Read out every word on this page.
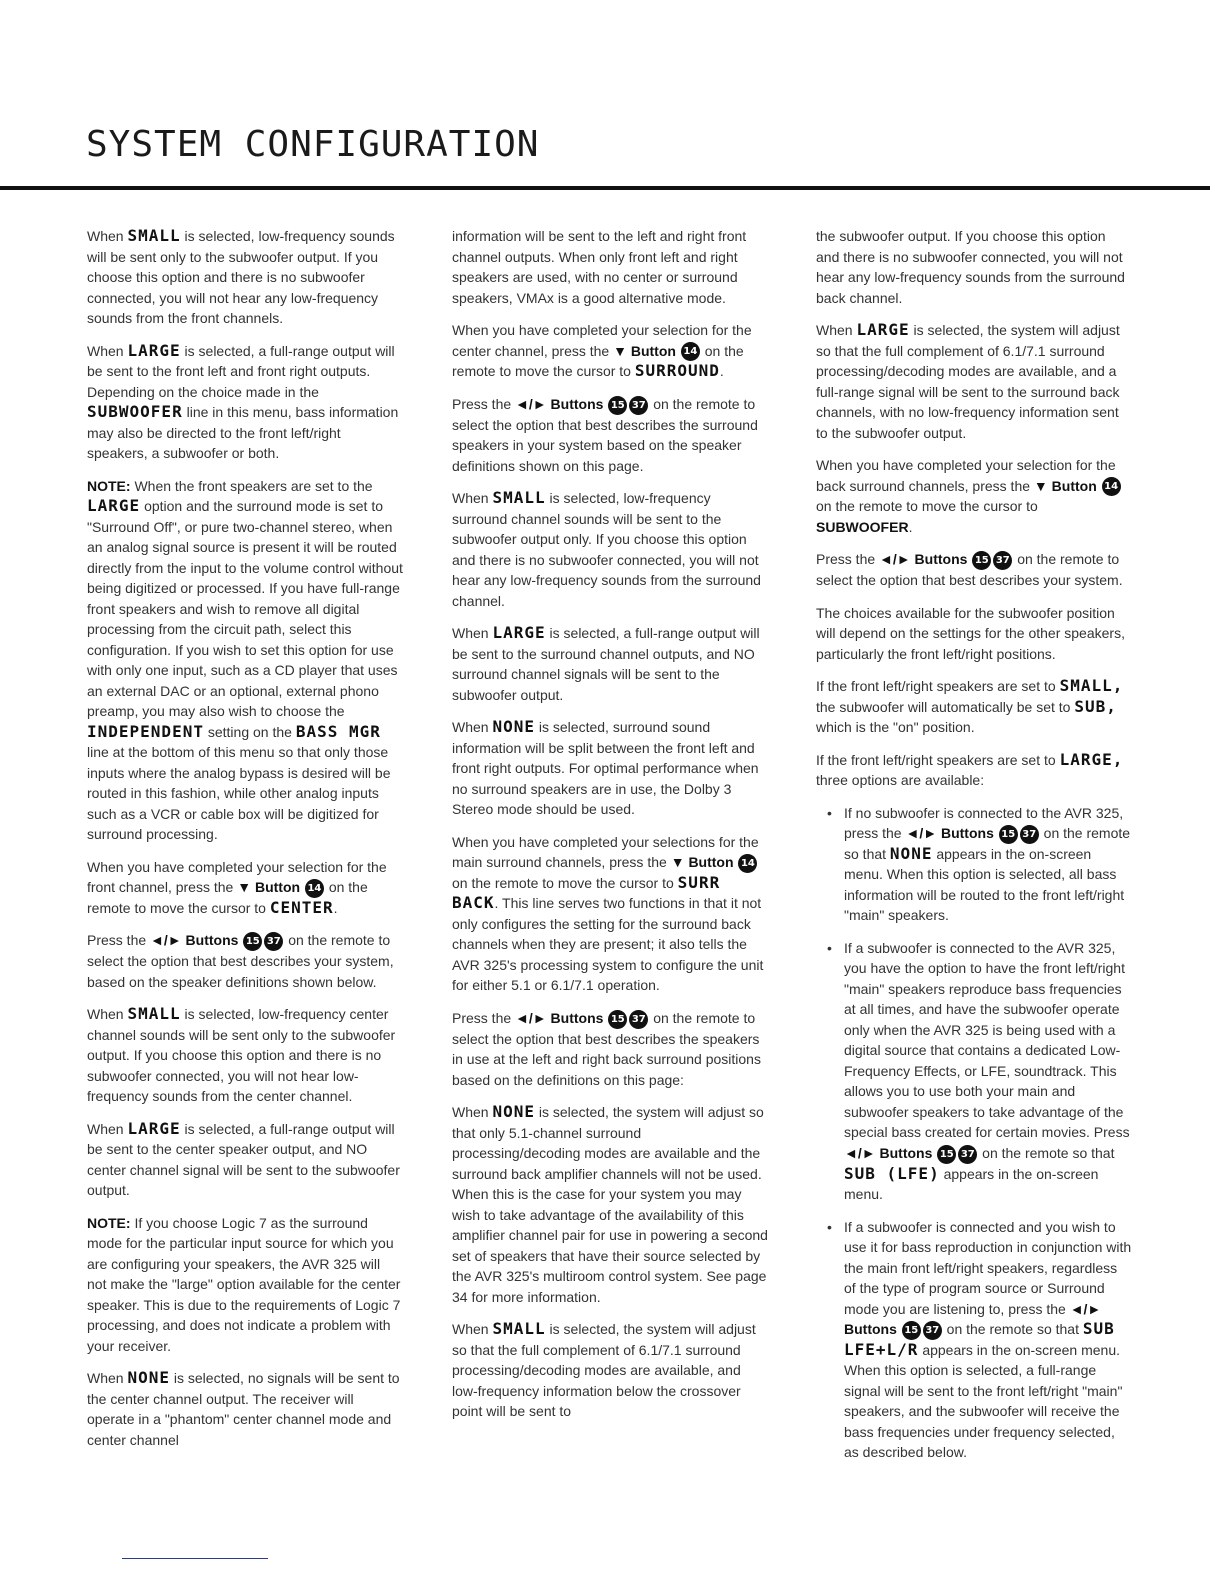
SYSTEM CONFIGURATION

When SMALL is selected, low-frequency sounds will be sent only to the subwoofer output. If you choose this option and there is no subwoofer connected, you will not hear any low-frequency sounds from the front channels.

When LARGE is selected, a full-range output will be sent to the front left and front right outputs. Depending on the choice made in the SUBWOOFER line in this menu, bass information may also be directed to the front left/right speakers, a subwoofer or both.

NOTE: When the front speakers are set to the LARGE option and the surround mode is set to "Surround Off", or pure two-channel stereo, when an analog signal source is present it will be routed directly from the input to the volume control without being digitized or processed. If you have full-range front speakers and wish to remove all digital processing from the circuit path, select this configuration. If you wish to set this option for use with only one input, such as a CD player that uses an external DAC or an optional, external phono preamp, you may also wish to choose the INDEPENDENT setting on the BASS MGR line at the bottom of this menu so that only those inputs where the analog bypass is desired will be routed in this fashion, while other analog inputs such as a VCR or cable box will be digitized for surround processing.

When you have completed your selection for the front channel, press the ▼ Button 14 on the remote to move the cursor to CENTER.

Press the ◄/► Buttons 15 37 on the remote to select the option that best describes your system, based on the speaker definitions shown below.

When SMALL is selected, low-frequency center channel sounds will be sent only to the subwoofer output. If you choose this option and there is no subwoofer connected, you will not hear low-frequency sounds from the center channel.

When LARGE is selected, a full-range output will be sent to the center speaker output, and NO center channel signal will be sent to the subwoofer output.

NOTE: If you choose Logic 7 as the surround mode for the particular input source for which you are configuring your speakers, the AVR 325 will not make the "large" option available for the center speaker. This is due to the requirements of Logic 7 processing, and does not indicate a problem with your receiver.

When NONE is selected, no signals will be sent to the center channel output. The receiver will operate in a "phantom" center channel mode and center channel

information will be sent to the left and right front channel outputs. When only front left and right speakers are used, with no center or surround speakers, VMAx is a good alternative mode.

When you have completed your selection for the center channel, press the ▼ Button 14 on the remote to move the cursor to SURROUND.

Press the ◄/► Buttons 15 37 on the remote to select the option that best describes the surround speakers in your system based on the speaker definitions shown on this page.

When SMALL is selected, low-frequency surround channel sounds will be sent to the subwoofer output only. If you choose this option and there is no subwoofer connected, you will not hear any low-frequency sounds from the surround channel.

When LARGE is selected, a full-range output will be sent to the surround channel outputs, and NO surround channel signals will be sent to the subwoofer output.

When NONE is selected, surround sound information will be split between the front left and front right outputs. For optimal performance when no surround speakers are in use, the Dolby 3 Stereo mode should be used.

When you have completed your selections for the main surround channels, press the ▼ Button 14 on the remote to move the cursor to SURR BACK. This line serves two functions in that it not only configures the setting for the surround back channels when they are present; it also tells the AVR 325's processing system to configure the unit for either 5.1 or 6.1/7.1 operation.

Press the ◄/► Buttons 15 37 on the remote to select the option that best describes the speakers in use at the left and right back surround positions based on the definitions on this page:

When NONE is selected, the system will adjust so that only 5.1-channel surround processing/decoding modes are available and the surround back amplifier channels will not be used. When this is the case for your system you may wish to take advantage of the availability of this amplifier channel pair for use in powering a second set of speakers that have their source selected by the AVR 325's multiroom control system. See page 34 for more information.

When SMALL is selected, the system will adjust so that the full complement of 6.1/7.1 surround processing/decoding modes are available, and low-frequency information below the crossover point will be sent to

the subwoofer output. If you choose this option and there is no subwoofer connected, you will not hear any low-frequency sounds from the surround back channel.

When LARGE is selected, the system will adjust so that the full complement of 6.1/7.1 surround processing/decoding modes are available, and a full-range signal will be sent to the surround back channels, with no low-frequency information sent to the subwoofer output.

When you have completed your selection for the back surround channels, press the ▼ Button 14 on the remote to move the cursor to SUBWOOFER.

Press the ◄/► Buttons 15 37 on the remote to select the option that best describes your system.

The choices available for the subwoofer position will depend on the settings for the other speakers, particularly the front left/right positions.

If the front left/right speakers are set to SMALL, the subwoofer will automatically be set to SUB, which is the "on" position.

If the front left/right speakers are set to LARGE, three options are available:

• If no subwoofer is connected to the AVR 325, press the ◄/► Buttons 15 37 on the remote so that NONE appears in the on-screen menu. When this option is selected, all bass information will be routed to the front left/right "main" speakers.
• If a subwoofer is connected to the AVR 325, you have the option to have the front left/right "main" speakers reproduce bass frequencies at all times, and have the subwoofer operate only when the AVR 325 is being used with a digital source that contains a dedicated Low-Frequency Effects, or LFE, soundtrack. This allows you to use both your main and subwoofer speakers to take advantage of the special bass created for certain movies. Press ◄/► Buttons 15 37 on the remote so that SUB (LFE) appears in the on-screen menu.
• If a subwoofer is connected and you wish to use it for bass reproduction in conjunction with the main front left/right speakers, regardless of the type of program source or Surround mode you are listening to, press the ◄/► Buttons 15 37 on the remote so that SUB LFE+L/R appears in the on-screen menu. When this option is selected, a full-range signal will be sent to the front left/right "main" speakers, and the subwoofer will receive the bass frequencies under frequency selected, as described below.
